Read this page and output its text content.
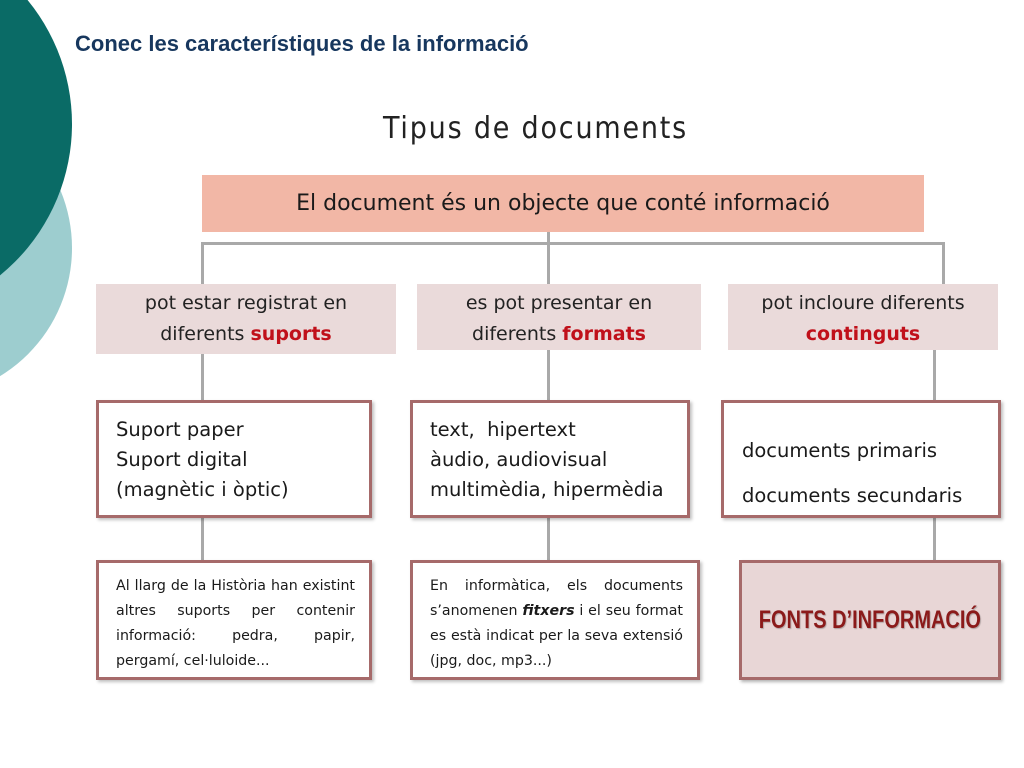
Conec les característiques de la informació
Tipus de documents
El document és un objecte que conté informació
pot estar registrat en
diferents suports
es pot presentar en
diferents formats
pot incloure diferents
continguts
Suport paper
Suport digital
(magnètic i òptic)
text,  hipertext
àudio, audiovisual
multimèdia, hipermèdia
documents primaris
documents secundaris
Al llarg de la Història han existint altres suports per contenir informació: pedra, papir, pergamí, cel·luloide...
En informàtica, els documents s’anomenen fitxers i el seu format es està indicat per la seva extensió  (jpg, doc, mp3...)
FONTS D’INFORMACIÓ
